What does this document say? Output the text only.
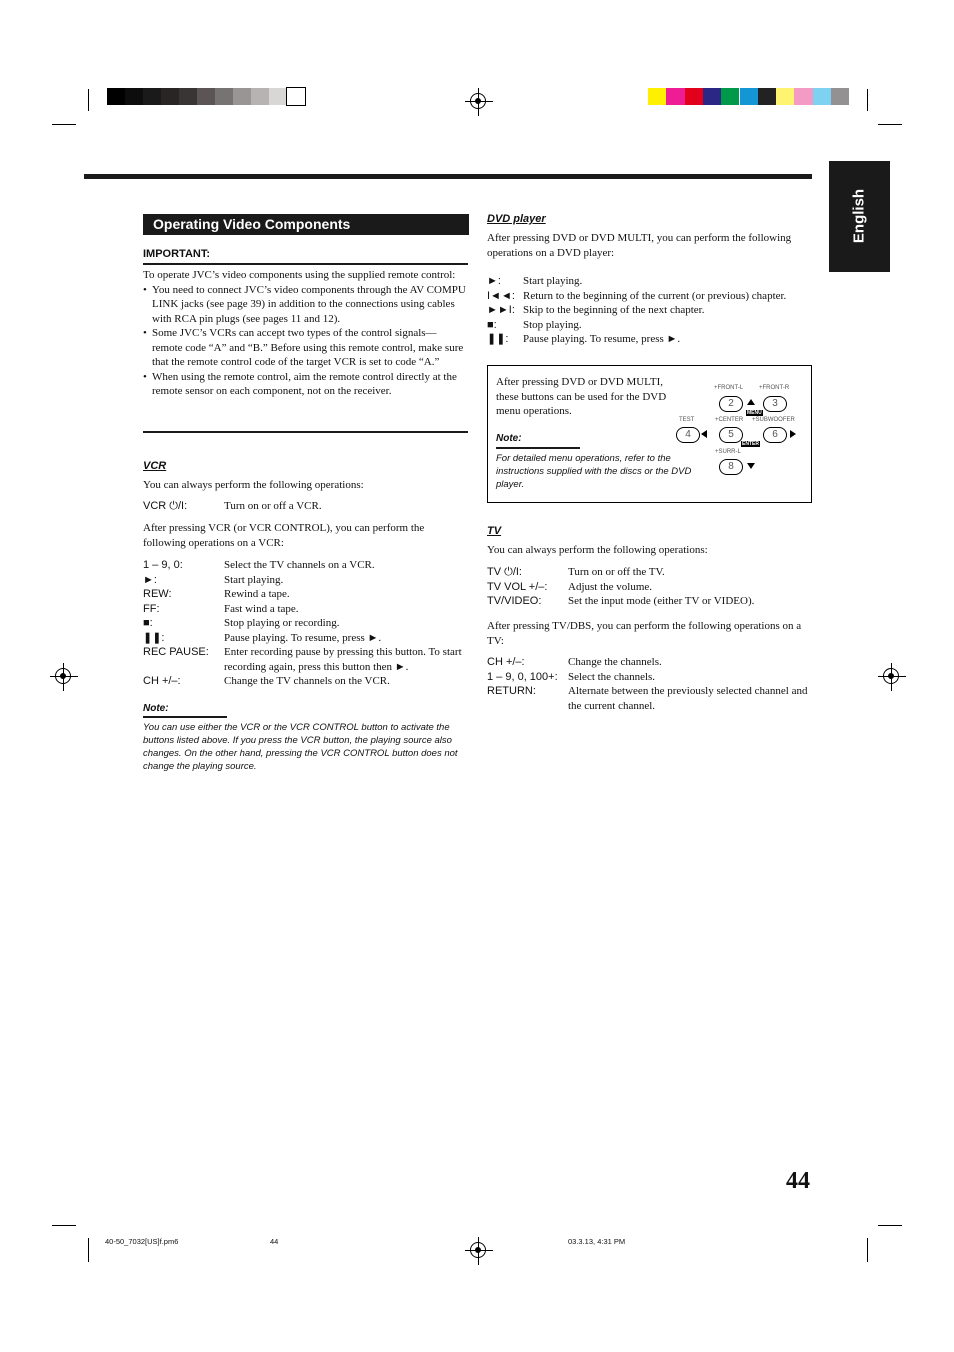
English
Operating Video Components
IMPORTANT:
To operate JVC’s video components using the supplied remote control:
• You need to connect JVC’s video components through the AV COMPU LINK jacks (see page 39) in addition to the connections using cables with RCA pin plugs (see pages 11 and 12).
• Some JVC’s VCRs can accept two types of the control signals—remote code “A” and “B.” Before using this remote control, make sure that the remote control code of the target VCR is set to code “A.”
• When using the remote control, aim the remote control directly at the remote sensor on each component, not on the receiver.
VCR
You can always perform the following operations:
VCR ⏻/I:	Turn on or off a VCR.
After pressing VCR (or VCR CONTROL), you can perform the following operations on a VCR:
1 – 9, 0:	Select the TV channels on a VCR.
►:	Start playing.
REW:	Rewind a tape.
FF:	Fast wind a tape.
■:	Stop playing or recording.
❚❚:	Pause playing. To resume, press ►.
REC PAUSE:	Enter recording pause by pressing this button. To start recording again, press this button then ►.
CH +/–:	Change the TV channels on the VCR.
Note:
You can use either the VCR or the VCR CONTROL button to activate the buttons listed above. If you press the VCR button, the playing source also changes. On the other hand, pressing the VCR CONTROL button does not change the playing source.
DVD player
After pressing DVD or DVD MULTI, you can perform the following operations on a DVD player:
►:	Start playing.
I◄◄: Return to the beginning of the current (or previous) chapter.
►►I: Skip to the beginning of the next chapter.
■:	Stop playing.
❚❚:	Pause playing. To resume, press ►.
After pressing DVD or DVD MULTI, these buttons can be used for the DVD menu operations.
Note:
For detailed menu operations, refer to the instructions supplied with the discs or the DVD player.
+FRONT-L	+FRONT-R
2	3
MENU
TEST	+CENTER +SUBWOOFER
4	5	6
ENTER
+SURR-L
8
TV
You can always perform the following operations:
TV ⏻/I:	Turn on or off the TV.
TV VOL +/–:	Adjust the volume.
TV/VIDEO:	Set the input mode (either TV or VIDEO).
After pressing TV/DBS, you can perform the following operations on a TV:
CH +/–:	Change the channels.
1 – 9, 0, 100+: Select the channels.
RETURN:	Alternate between the previously selected channel and the current channel.
44
40-50_7032[US]f.pm6	44	03.3.13, 4:31 PM
